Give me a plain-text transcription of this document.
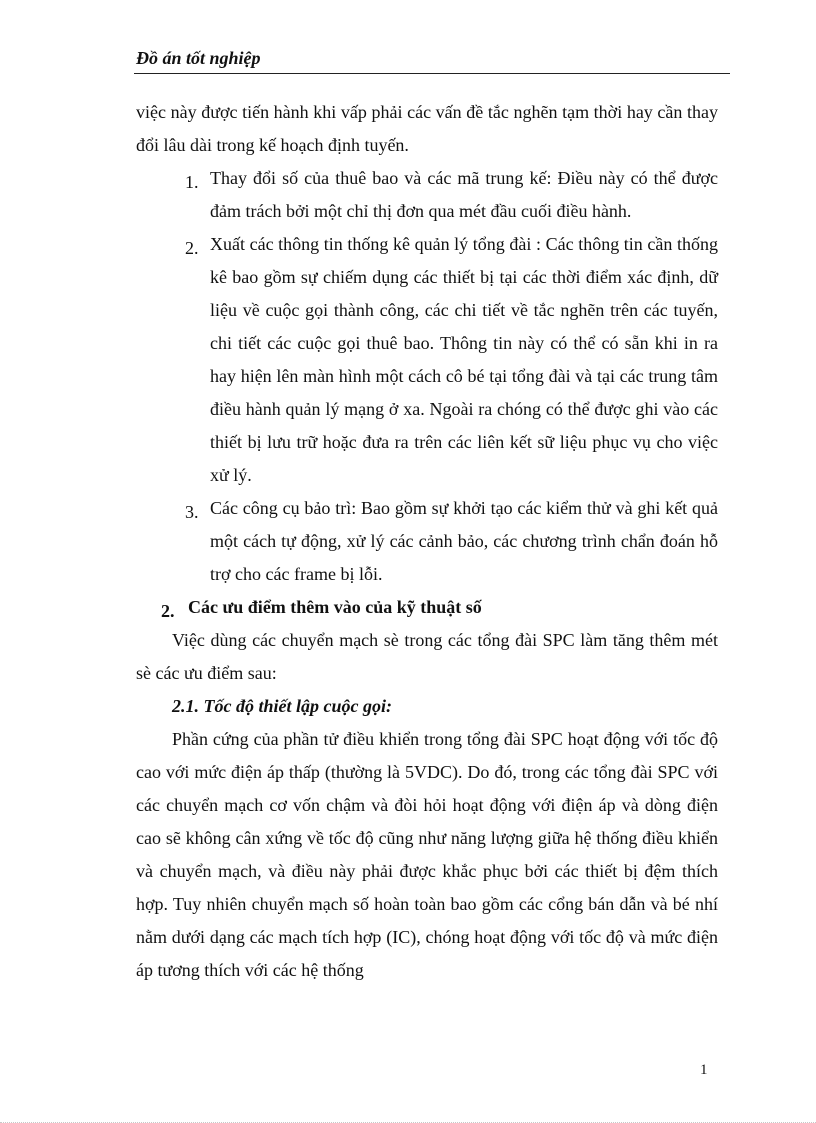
Đồ án tốt nghiệp

việc này được tiến hành khi vấp phải các vấn đề tắc nghẽn tạm thời hay cần thay đổi lâu dài trong kế hoạch định tuyến.

1. Thay đổi số của thuê bao và các mã trung kế: Điều này có thể được đảm trách bởi một chỉ thị đơn qua mét đầu cuối điều hành.
2. Xuất các thông tin thống kê quản lý tổng đài : Các thông tin cần thống kê bao gồm sự chiếm dụng các thiết bị tại các thời điểm xác định, dữ liệu về cuộc gọi thành công, các chi tiết về tắc nghẽn trên các tuyến, chi tiết các cuộc gọi thuê bao. Thông tin này có thể có sẵn khi in ra hay hiện lên màn hình một cách cô bé tại tổng đài và tại các trung tâm điều hành quản lý mạng ở xa. Ngoài ra chóng có thể được ghi vào các thiết bị lưu trữ hoặc đưa ra trên các liên kết sữ liệu phục vụ cho việc xử lý.
3. Các công cụ bảo trì: Bao gồm sự khởi tạo các kiểm thử và ghi kết quả một cách tự động, xử lý các cảnh bảo, các chương trình chẩn đoán hỗ trợ cho các frame bị lỗi.
2. Các ưu điểm thêm vào của kỹ thuật số

Việc dùng các chuyển mạch sè trong các tổng đài SPC làm tăng thêm mét sè các ưu điểm sau:

2.1. Tốc độ thiết lập cuộc gọi:

Phần cứng của phần tử điều khiển trong tổng đài SPC hoạt động với tốc độ cao với mức điện áp thấp (thường là 5VDC). Do đó, trong các tổng đài SPC với các chuyển mạch cơ vốn chậm và đòi hỏi hoạt động với điện áp và dòng điện cao sẽ không cân xứng về tốc độ cũng như năng lượng giữa hệ thống điều khiển và chuyển mạch, và điều này phải được khắc phục bởi các thiết bị đệm thích hợp. Tuy nhiên chuyển mạch số hoàn toàn bao gồm các cổng bán dẫn và bé nhí nằm dưới dạng các mạch tích hợp (IC), chóng hoạt động với tốc độ và mức điện áp tương thích với các hệ thống

1
